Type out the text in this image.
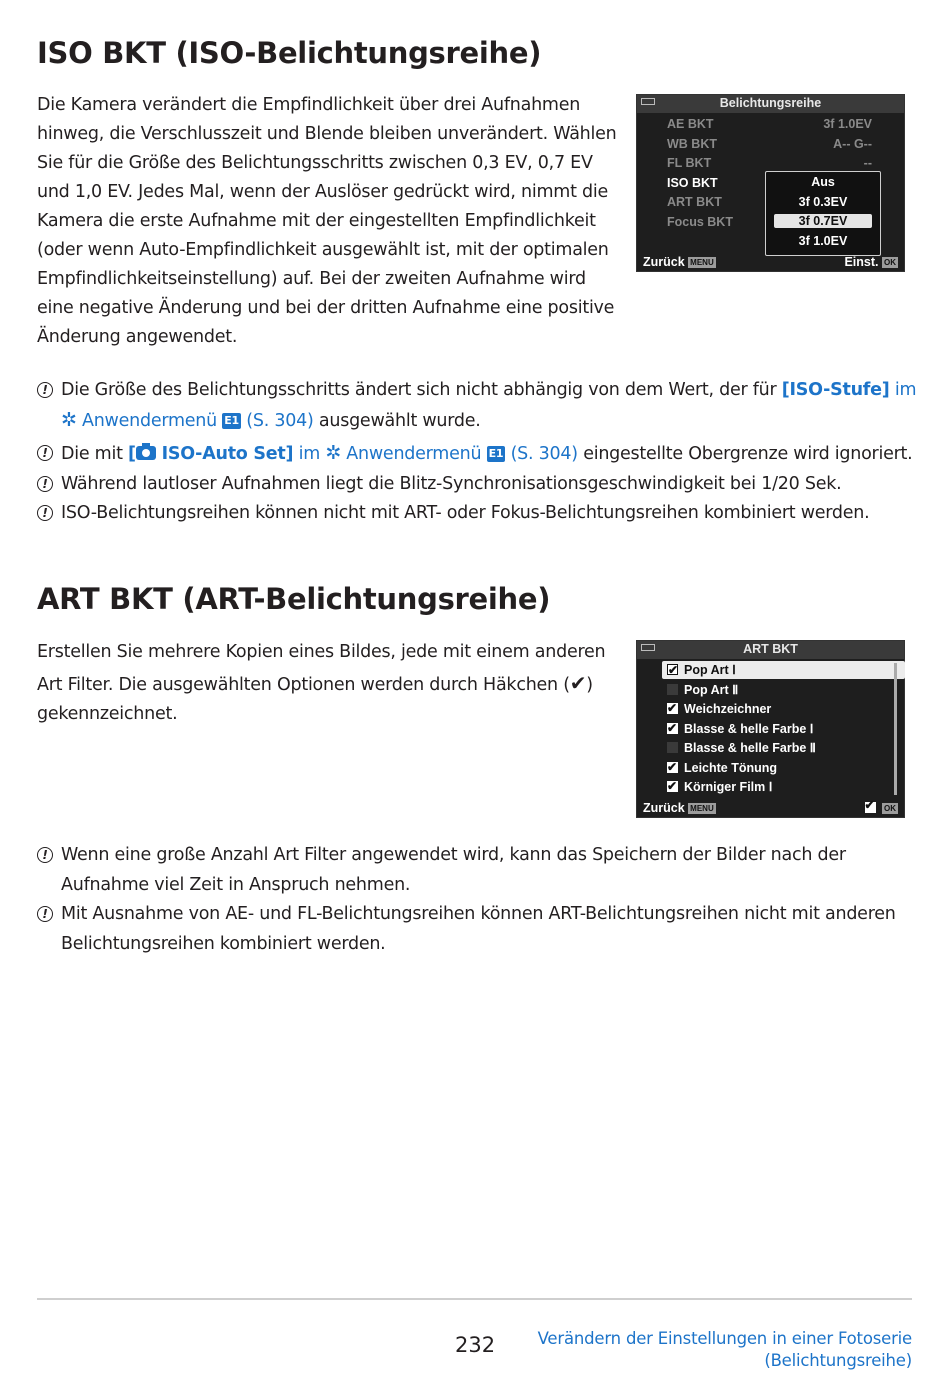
ISO BKT (ISO-Belichtungsreihe)
Die Kamera verändert die Empfindlichkeit über drei Aufnahmen
hinweg, die Verschlusszeit und Blende bleiben unverändert. Wählen
Sie für die Größe des Belichtungsschritts zwischen 0,3 EV, 0,7 EV
und 1,0 EV. Jedes Mal, wenn der Auslöser gedrückt wird, nimmt die
Kamera die erste Aufnahme mit der eingestellten Empfindlichkeit
(oder wenn Auto-Empfindlichkeit ausgewählt ist, mit der optimalen
Empfindlichkeitseinstellung) auf. Bei der zweiten Aufnahme wird
eine negative Änderung und bei der dritten Aufnahme eine positive
Änderung angewendet.
Belichtungsreihe
AE BKT	3f 1.0EV
WB BKT	A-- G--
FL BKT	--
ISO BKT
ART BKT
Focus BKT
Aus
3f 0.3EV
3f 0.7EV
3f 1.0EV
Zurück MENU	Einst. OK
! Die Größe des Belichtungsschritts ändert sich nicht abhängig von dem Wert, der für [ISO-Stufe] im
✲ Anwendermenü E1 (S. 304) ausgewählt wurde.
! Die mit [ ISO-Auto Set] im ✲ Anwendermenü E1 (S. 304) eingestellte Obergrenze wird ignoriert.
! Während lautloser Aufnahmen liegt die Blitz-Synchronisationsgeschwindigkeit bei 1/20 Sek.
! ISO-Belichtungsreihen können nicht mit ART- oder Fokus-Belichtungsreihen kombiniert werden.
ART BKT (ART-Belichtungsreihe)
Erstellen Sie mehrere Kopien eines Bildes, jede mit einem anderen
Art Filter. Die ausgewählten Optionen werden durch Häkchen (✔)
gekennzeichnet.
ART BKT
✔Pop Art Ⅰ
Pop Art Ⅱ
✔Weichzeichner
✔Blasse & helle Farbe Ⅰ
Blasse & helle Farbe Ⅱ
✔Leichte Tönung
✔Körniger Film Ⅰ
Zurück MENU
✔	OK
! Wenn eine große Anzahl Art Filter angewendet wird, kann das Speichern der Bilder nach der Aufnahme viel Zeit in Anspruch nehmen.
! Mit Ausnahme von AE- und FL-Belichtungsreihen können ART-Belichtungsreihen nicht mit anderen Belichtungsreihen kombiniert werden.
232	Verändern der Einstellungen in einer Fotoserie
(Belichtungsreihe)
